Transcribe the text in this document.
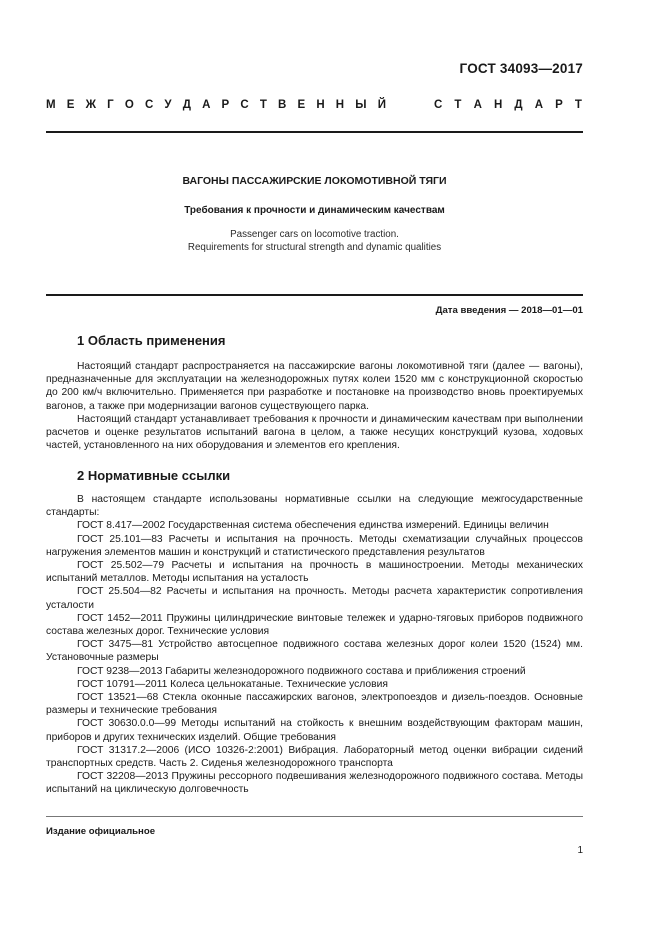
ГОСТ 34093—2017
М Е Ж Г О С У Д А Р С Т В Е Н Н Ы Й	С Т А Н Д А Р Т
ВАГОНЫ ПАССАЖИРСКИЕ ЛОКОМОТИВНОЙ ТЯГИ
Требования к прочности и динамическим качествам
Passenger cars on locomotive traction.
Requirements for structural strength and dynamic qualities
Дата введения — 2018—01—01
1 Область применения

Настоящий стандарт распространяется на пассажирские вагоны локомотивной тяги (далее — вагоны), предназначенные для эксплуатации на железнодорожных путях колеи 1520 мм с конструкционной скоростью до 200 км/ч включительно. Применяется при разработке и постановке на производство вновь проектируемых вагонов, а также при модернизации вагонов существующего парка.

Настоящий стандарт устанавливает требования к прочности и динамическим качествам при выполнении расчетов и оценке результатов испытаний вагона в целом, а также несущих конструкций кузова, ходовых частей, установленного на них оборудования и элементов его крепления.

2 Нормативные ссылки

В настоящем стандарте использованы нормативные ссылки на следующие межгосударственные стандарты:

ГОСТ 8.417—2002 Государственная система обеспечения единства измерений. Единицы величин

ГОСТ 25.101—83 Расчеты и испытания на прочность. Методы схематизации случайных процессов нагружения элементов машин и конструкций и статистического представления результатов

ГОСТ 25.502—79 Расчеты и испытания на прочность в машиностроении. Методы механических испытаний металлов. Методы испытания на усталость

ГОСТ 25.504—82 Расчеты и испытания на прочность. Методы расчета характеристик сопротивления усталости

ГОСТ 1452—2011 Пружины цилиндрические винтовые тележек и ударно-тяговых приборов подвижного состава железных дорог. Технические условия

ГОСТ 3475—81 Устройство автосцепное подвижного состава железных дорог колеи 1520 (1524) мм. Установочные размеры

ГОСТ 9238—2013 Габариты железнодорожного подвижного состава и приближения строений

ГОСТ 10791—2011 Колеса цельнокатаные. Технические условия

ГОСТ 13521—68 Стекла оконные пассажирских вагонов, электропоездов и дизель-поездов. Основные размеры и технические требования

ГОСТ 30630.0.0—99 Методы испытаний на стойкость к внешним воздействующим факторам машин, приборов и других технических изделий. Общие требования

ГОСТ 31317.2—2006 (ИСО 10326-2:2001) Вибрация. Лабораторный метод оценки вибрации сидений транспортных средств. Часть 2. Сиденья железнодорожного транспорта

ГОСТ 32208—2013 Пружины рессорного подвешивания железнодорожного подвижного состава. Методы испытаний на циклическую долговечность

Издание официальное
1
